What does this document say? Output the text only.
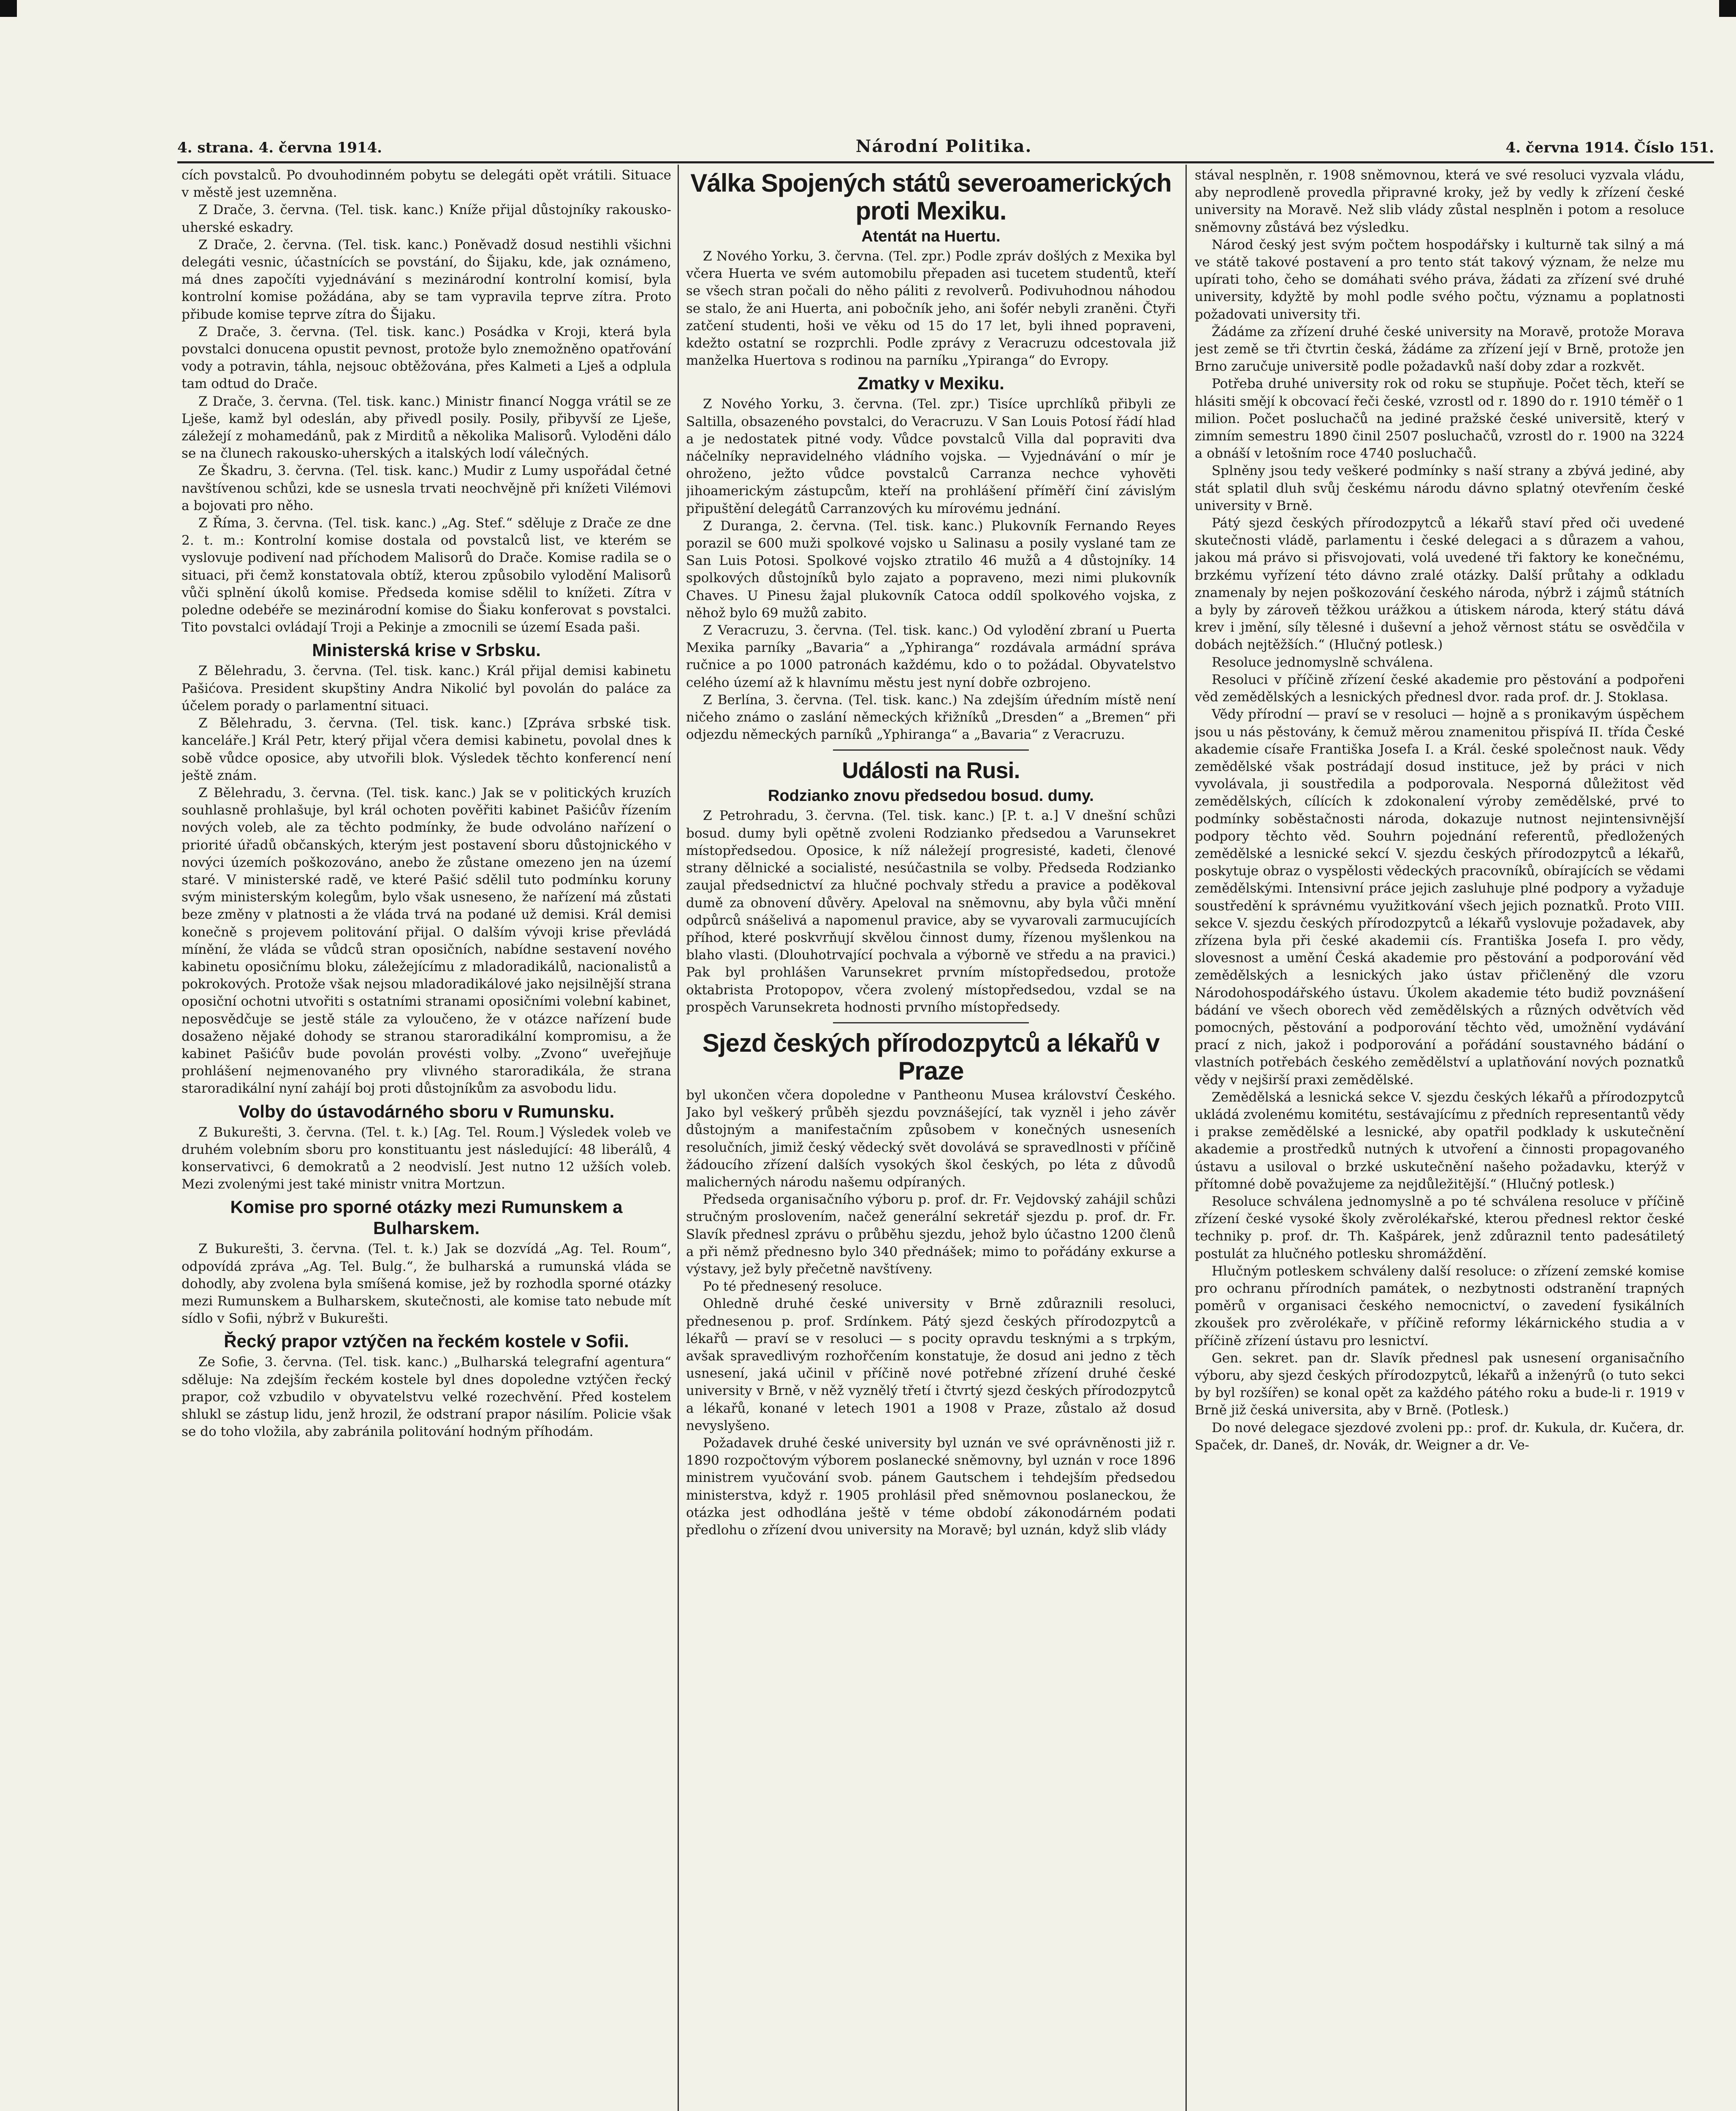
4. strana. 4. června 1914.	Národní Politika.	4. června 1914. Číslo 151.

cích povstalců. Po dvouhodinném pobytu se delegáti opět vrátili. Situace v městě jest uzemněna.

Z Drače, 3. června. (Tel. tisk. kanc.) Kníže přijal důstojníky rakousko-uherské eskadry.

Z Drače, 2. června. (Tel. tisk. kanc.) Poněvadž dosud nestihli všichni delegáti vesnic, účastnících se povstání, do Šijaku, kde, jak oznámeno, má dnes započíti vyjednávání s mezinárodní kontrolní komisí, byla kontrolní komise požádána, aby se tam vypravila teprve zítra. Proto přibude komise teprve zítra do Šijaku.

Z Drače, 3. června. (Tel. tisk. kanc.) Posádka v Kroji, která byla povstalci donucena opustit pevnost, protože bylo znemožněno opatřování vody a potravin, táhla, nejsouc obtěžována, přes Kalmeti a Lješ a odplula tam odtud do Drače.

Z Drače, 3. června. (Tel. tisk. kanc.) Ministr financí Nogga vrátil se ze Lješe, kamž byl odeslán, aby přivedl posily. Posily, přibyvší ze Lješe, záležejí z mohamedánů, pak z Mirditů a několika Malisorů. Vyloděni dálo se na člunech rakousko-uherských a italských lodí válečných.

Ze Škadru, 3. června. (Tel. tisk. kanc.) Mudir z Lumy uspořádal četné navštívenou schůzi, kde se usnesla trvati neochvějně při knížeti Vilémovi a bojovati pro něho.

Z Říma, 3. června. (Tel. tisk. kanc.) „Ag. Stef.“ sděluje z Drače ze dne 2. t. m.: Kontrolní komise dostala od povstalců list, ve kterém se vyslovuje podivení nad příchodem Malisorů do Drače. Komise radila se o situaci, při čemž konstatovala obtíž, kterou způsobilo vylodění Malisorů vůči splnění úkolů komise. Předseda komise sdělil to knížeti. Zítra v poledne odebéře se mezinárodní komise do Šiaku konferovat s povstalci. Tito povstalci ovládají Troji a Pekinje a zmocnili se území Esada paši.

Ministerská krise v Srbsku.

Z Bělehradu, 3. června. (Tel. tisk. kanc.) Král přijal demisi kabinetu Pašićova. President skupštiny Andra Nikolić byl povolán do paláce za účelem porady o parlamentní situaci.

Z Bělehradu, 3. června. (Tel. tisk. kanc.) [Zpráva srbské tisk. kanceláře.] Král Petr, který přijal včera demisi kabinetu, povolal dnes k sobě vůdce oposice, aby utvořili blok. Výsledek těchto konferencí není ještě znám.

Z Bělehradu, 3. června. (Tel. tisk. kanc.) Jak se v politických kruzích souhlasně prohlašuje, byl král ochoten pověřiti kabinet Pašićův řízením nových voleb, ale za těchto podmínky, že bude odvoláno nařízení o priorité úřadů občanských, kterým jest postavení sboru důstojnického v novýci územích poškozováno, anebo že zůstane omezeno jen na území staré. V ministerské radě, ve které Pašić sdělil tuto podmínku koruny svým ministerským kolegům, bylo však usneseno, že nařízení má zůstati beze změny v platnosti a že vláda trvá na podané už demisi. Král demisi konečně s projevem politování přijal. O dalším vývoji krise převládá mínění, že vláda se vůdců stran oposičních, nabídne sestavení nového kabinetu oposičnímu bloku, záležejícímu z mladoradikálů, nacionalistů a pokrokových. Protože však nejsou mladoradikálové jako nejsilnější strana oposiční ochotni utvořiti s ostatními stranami oposičními volební kabinet, neposvědčuje se jestě stále za vyloučeno, že v otázce nařízení bude dosaženo nějaké dohody se stranou staroradikální kompromisu, a že kabinet Pašićův bude povolán provésti volby. „Zvono“ uveřejňuje prohlášení nejmenovaného pry vlivného staroradikála, že strana staroradikální nyní zahájí boj proti důstojníkům za asvobodu lidu.

Volby do ústavodárného sboru v Rumunsku.

Z Bukurešti, 3. června. (Tel. t. k.) [Ag. Tel. Roum.] Výsledek voleb ve druhém volebním sboru pro konstituantu jest následující: 48 liberálů, 4 konservativci, 6 demokratů a 2 neodvislí. Jest nutno 12 užších voleb. Mezi zvolenými jest také ministr vnitra Mortzun.

Komise pro sporné otázky mezi Rumunskem a Bulharskem.

Z Bukurešti, 3. června. (Tel. t. k.) Jak se dozvídá „Ag. Tel. Roum“, odpovídá zpráva „Ag. Tel. Bulg.“, že bulharská a rumunská vláda se dohodly, aby zvolena byla smíšená komise, jež by rozhodla sporné otázky mezi Rumunskem a Bulharskem, skutečnosti, ale komise tato nebude mít sídlo v Sofii, nýbrž v Bukurešti.

Řecký prapor vztýčen na řeckém kostele v Sofii.

Ze Sofie, 3. června. (Tel. tisk. kanc.) „Bulharská telegrafní agentura“ sděluje: Na zdejším řeckém kostele byl dnes dopoledne vztýčen řecký prapor, což vzbudilo v obyvatelstvu velké rozechvění. Před kostelem shlukl se zástup lidu, jenž hrozil, že odstraní prapor násilím. Policie však se do toho vložila, aby zabránila politování hodným příhodám.

Válka Spojených států severoamerických proti Mexiku.
Atentát na Huertu.

Z Nového Yorku, 3. června. (Tel. zpr.) Podle zpráv došlých z Mexika byl včera Huerta ve svém automobilu přepaden asi tucetem studentů, kteří se všech stran počali do něho páliti z revolverů. Podivuhodnou náhodou se stalo, že ani Huerta, ani pobočník jeho, ani šofér nebyli zraněni. Čtyři zatčení studenti, hoši ve věku od 15 do 17 let, byli ihned popraveni, kdežto ostatní se rozprchli. Podle zprávy z Veracruzu odcestovala již manželka Huertova s rodinou na parníku „Ypiranga“ do Evropy.

Zmatky v Mexiku.

Z Nového Yorku, 3. června. (Tel. zpr.) Tisíce uprchlíků přibyli ze Saltilla, obsazeného povstalci, do Veracruzu. V San Louis Potosí řádí hlad a je nedostatek pitné vody. Vůdce povstalců Villa dal popraviti dva náčelníky nepravidelného vládního vojska. — Vyjednávání o mír je ohroženo, ježto vůdce povstalců Carranza nechce vyhověti jihoamerickým zástupcům, kteří na prohlášení příměří činí závislým připuštění delegátů Carranzových ku mírovému jednání.

Z Duranga, 2. června. (Tel. tisk. kanc.) Plukovník Fernando Reyes porazil se 600 muži spolkové vojsko u Salinasu a posily vyslané tam ze San Luis Potosi. Spolkové vojsko ztratilo 46 mužů a 4 důstojníky. 14 spolkových důstojníků bylo zajato a popraveno, mezi nimi plukovník Chaves. U Pinesu žajal plukovník Catoca oddíl spolkového vojska, z něhož bylo 69 mužů zabito.

Z Veracruzu, 3. června. (Tel. tisk. kanc.) Od vylodění zbraní u Puerta Mexika parníky „Bavaria“ a „Yphiranga“ rozdávala armádní správa ručnice a po 1000 patronách každému, kdo o to požádal. Obyvatelstvo celého území až k hlavnímu městu jest nyní dobře ozbrojeno.

Z Berlína, 3. června. (Tel. tisk. kanc.) Na zdejším úředním místě není ničeho známo o zaslání německých křižníků „Dresden“ a „Bremen“ při odjezdu německých parníků „Yphiranga“ a „Bavaria“ z Veracruzu.

Události na Rusi.
Rodzianko znovu předsedou bosud. dumy.

Z Petrohradu, 3. června. (Tel. tisk. kanc.) [P. t. a.] V dnešní schůzi bosud. dumy byli opětně zvoleni Rodzianko předsedou a Varunsekret místopředsedou. Oposice, k níž náležejí progresisté, kadeti, členové strany dělnické a socialisté, nesúčastnila se volby. Předseda Rodzianko zaujal předsednictví za hlučné pochvaly středu a pravice a poděkoval dumě za obnovení důvěry. Apeloval na sněmovnu, aby byla vůči mnění odpůrců snášelivá a napomenul pravice, aby se vyvarovali zarmucujících příhod, které poskvrňují skvělou činnost dumy, řízenou myšlenkou na blaho vlasti. (Dlouhotrvající pochvala a výborně ve středu a na pravici.) Pak byl prohlášen Varunsekret prvním místopředsedou, protože oktabrista Protopopov, včera zvolený místopředsedou, vzdal se na prospěch Varunsekreta hodnosti prvního místopředsedy.

Sjezd českých přírodozpytců a lékařů v Praze

byl ukončen včera dopoledne v Pantheonu Musea království Českého. Jako byl veškerý průběh sjezdu povznášející, tak vyzněl i jeho závěr důstojným a manifestačním způsobem v konečných usneseních resolučních, jimiž český vědecký svět dovolává se spravedlnosti v příčině žádoucího zřízení dalších vysokých škol českých, po léta z důvodů malicherných národu našemu odpíraných.

Předseda organisačního výboru p. prof. dr. Fr. Vejdovský zahájil schůzi stručným proslovením, načež generální sekretář sjezdu p. prof. dr. Fr. Slavík přednesl zprávu o průběhu sjezdu, jehož bylo účastno 1200 členů a při němž přednesno bylo 340 přednášek; mimo to pořádány exkurse a výstavy, jež byly přečetně navštíveny.

Po té přednesený resoluce.

Ohledně druhé české university v Brně zdůraznili resoluci, přednesenou p. prof. Srdínkem. Pátý sjezd českých přírodozpytců a lékařů — praví se v resoluci — s pocity opravdu tesknými a s trpkým, avšak spravedlivým rozhořčením konstatuje, že dosud ani jedno z těch usnesení, jaká učinil v příčině nové potřebné zřízení druhé české university v Brně, v něž vyznělý třetí i čtvrtý sjezd českých přírodozpytců a lékařů, konané v letech 1901 a 1908 v Praze, zůstalo až dosud nevyslyšeno.

Požadavek druhé české university byl uznán ve své oprávněnosti již r. 1890 rozpočtovým výborem poslanecké sněmovny, byl uznán v roce 1896 ministrem vyučování svob. pánem Gautschem i tehdejším předsedou ministerstva, když r. 1905 prohlásil před sněmovnou poslaneckou, že otázka jest odhodlána ještě v téme období zákonodárném podati předlohu o zřízení dvou university na Moravě; byl uznán, když slib vlády

stával nesplněn, r. 1908 sněmovnou, která ve své resoluci vyzvala vládu, aby neprodleně provedla připravné kroky, jež by vedly k zřízení české university na Moravě. Než slib vlády zůstal nesplněn i potom a resoluce sněmovny zůstává bez výsledku.

Národ český jest svým počtem hospodářsky i kulturně tak silný a má ve státě takové postavení a pro tento stát takový význam, že nelze mu upírati toho, čeho se domáhati svého práva, žádati za zřízení své druhé university, kdyžtě by mohl podle svého počtu, významu a poplatnosti požadovati university tři.

Žádáme za zřízení druhé české university na Moravě, protože Morava jest země se tři čtvrtin česká, žádáme za zřízení její v Brně, protože jen Brno zaručuje universitě podle požadavků naší doby zdar a rozkvět.

Potřeba druhé university rok od roku se stupňuje. Počet těch, kteří se hlásiti smějí k obcovací řeči české, vzrostl od r. 1890 do r. 1910 téměř o 1 milion. Počet posluchačů na jediné pražské české universitě, který v zimním semestru 1890 činil 2507 posluchačů, vzrostl do r. 1900 na 3224 a obnáší v letošním roce 4740 posluchačů.

Splněny jsou tedy veškeré podmínky s naší strany a zbývá jediné, aby stát splatil dluh svůj českému národu dávno splatný otevřením české university v Brně.

Pátý sjezd českých přírodozpytců a lékařů staví před oči uvedené skutečnosti vládě, parlamentu i české delegaci a s důrazem a vahou, jakou má právo si přisvojovati, volá uvedené tři faktory ke konečnému, brzkému vyřízení této dávno zralé otázky. Další průtahy a odkladu znamenaly by nejen poškozování českého národa, nýbrž i zájmů státních a byly by zároveň těžkou urážkou a útiskem národa, který státu dává krev i jmění, síly tělesné i duševní a jehož věrnost státu se osvědčila v dobách nejtěžších.“ (Hlučný potlesk.)

Resoluce jednomyslně schválena.

Resoluci v příčině zřízení české akademie pro pěstování a podpořeni věd zemědělských a lesnických přednesl dvor. rada prof. dr. J. Stoklasa.

Vědy přírodní — praví se v resoluci — hojně a s pronikavým úspěchem jsou u nás pěstovány, k čemuž měrou znamenitou přispívá II. třída České akademie císaře Františka Josefa I. a Král. české společnost nauk. Vědy zemědělské však postrádají dosud instituce, jež by práci v nich vyvolávala, ji soustředila a podporovala. Nesporná důležitost věd zemědělských, cílících k zdokonalení výroby zemědělské, prvé to podmínky soběstačnosti národa, dokazuje nutnost nejintensivnější podpory těchto věd. Souhrn pojednání referentů, předložených zemědělské a lesnické sekcí V. sjezdu českých přírodozpytců a lékařů, poskytuje obraz o vyspělosti vědeckých pracovníků, obírajících se vědami zemědělskými. Intensivní práce jejich zasluhuje plné podpory a vyžaduje soustředění k správnému využitkování všech jejich poznatků. Proto VIII. sekce V. sjezdu českých přírodozpytců a lékařů vyslovuje požadavek, aby zřízena byla při české akademii cís. Františka Josefa I. pro vědy, slovesnost a umění Česká akademie pro pěstování a podporování věd zemědělských a lesnických jako ústav přičleněný dle vzoru Národohospodářského ústavu. Úkolem akademie této budiž povznášení bádání ve všech oborech věd zemědělských a různých odvětvích věd pomocných, pěstování a podporování těchto věd, umožnění vydávání prací z nich, jakož i podporování a pořádání soustavného bádání o vlastních potřebách českého zemědělství a uplatňování nových poznatků vědy v nejširší praxi zemědělské.

Zemědělská a lesnická sekce V. sjezdu českých lékařů a přírodozpytců ukládá zvolenému komitétu, sestávajícímu z předních representantů vědy i prakse zemědělské a lesnické, aby opatřil podklady k uskutečnění akademie a prostředků nutných k utvoření a činnosti propagovaného ústavu a usiloval o brzké uskutečnění našeho požadavku, kterýž v přítomné době považujeme za nejdůležitější.“ (Hlučný potlesk.)

Resoluce schválena jednomyslně a po té schválena resoluce v příčině zřízení české vysoké školy zvěrolékařské, kterou přednesl rektor české techniky p. prof. dr. Th. Kašpárek, jenž zdůraznil tento padesátiletý postulát za hlučného potlesku shromáždění.

Hlučným potleskem schváleny další resoluce: o zřízení zemské komise pro ochranu přírodních památek, o nezbytnosti odstranění trapných poměrů v organisaci českého nemocnictví, o zavedení fysikálních zkoušek pro zvěrolékaře, v příčině reformy lékárnického studia a v příčině zřízení ústavu pro lesnictví.

Gen. sekret. pan dr. Slavík přednesl pak usnesení organisačního výboru, aby sjezd českých přírodozpytců, lékařů a inženýrů (o tuto sekci by byl rozšířen) se konal opět za každého pátého roku a bude-li r. 1919 v Brně již česká universita, aby v Brně. (Potlesk.)

Do nové delegace sjezdové zvoleni pp.: prof. dr. Kukula, dr. Kučera, dr. Spaček, dr. Daneš, dr. Novák, dr. Weigner a dr. Ve-
